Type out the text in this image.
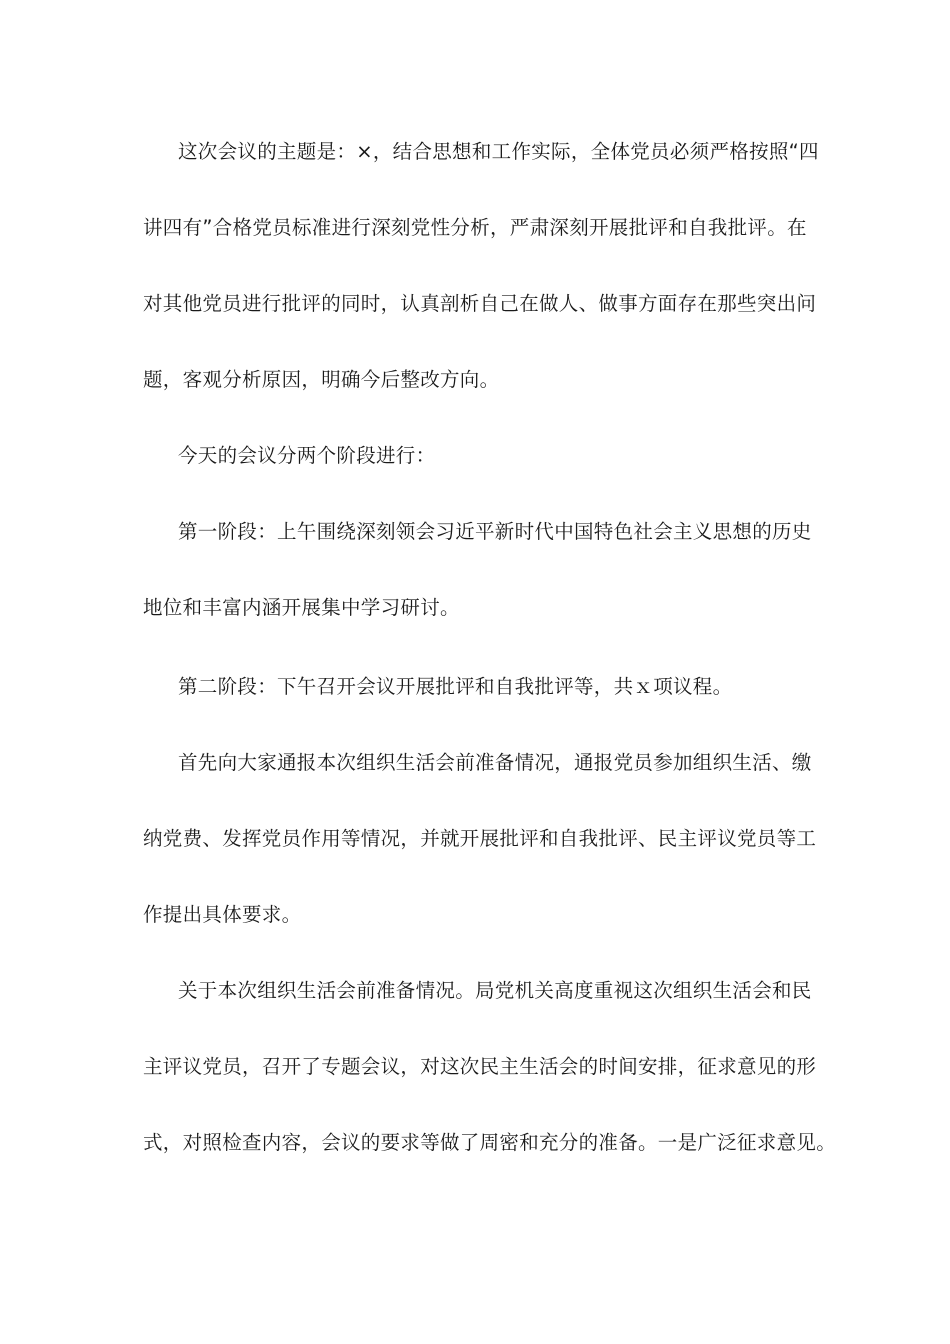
这次会议的主题是：×，结合思想和工作实际，全体党员必须严格按照“四
讲四有”合格党员标准进行深刻党性分析，严肃深刻开展批评和自我批评。在
对其他党员进行批评的同时，认真剖析自己在做人、做事方面存在那些突出问
题，客观分析原因，明确今后整改方向。
今天的会议分两个阶段进行：
第一阶段：上午围绕深刻领会习近平新时代中国特色社会主义思想的历史
地位和丰富内涵开展集中学习研讨。
第二阶段：下午召开会议开展批评和自我批评等，共ｘ项议程。
首先向大家通报本次组织生活会前准备情况，通报党员参加组织生活、缴
纳党费、发挥党员作用等情况，并就开展批评和自我批评、民主评议党员等工
作提出具体要求。
关于本次组织生活会前准备情况。局党机关高度重视这次组织生活会和民
主评议党员，召开了专题会议，对这次民主生活会的时间安排，征求意见的形
式，对照检查内容，会议的要求等做了周密和充分的准备。一是广泛征求意见。
